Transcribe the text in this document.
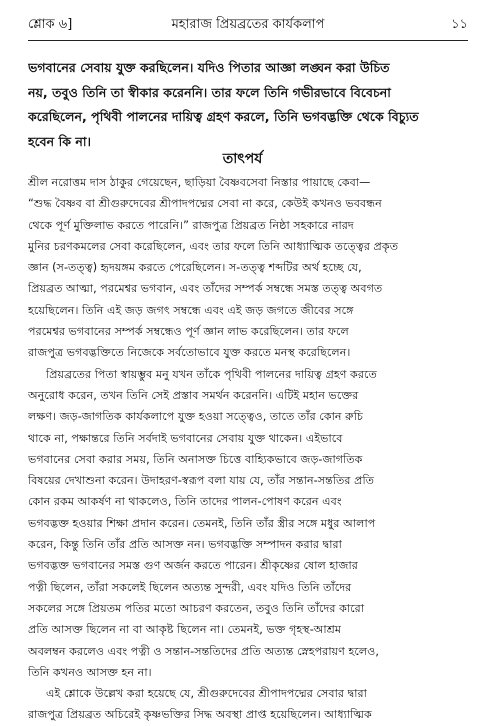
শ্লোক ৬]	মহারাজ প্রিয়ব্রতের কার্যকলাপ	১১
ভগবানের সেবায় যুক্ত করছিলেন। যদিও পিতার আজ্ঞা লঙ্ঘন করা উচিত
নয়, তবুও তিনি তা স্বীকার করেননি। তার ফলে তিনি গভীরভাবে বিবেচনা
করেছিলেন, পৃথিবী পালনের দায়িত্ব গ্রহণ করলে, তিনি ভগবদ্ভক্তি থেকে বিচ্যুত
হবেন কি না।
তাৎপর্য
শ্রীল নরোত্তম দাস ঠাকুর গেয়েছেন, ছাড়িয়া বৈষ্ণবসেবা নিস্তার পায়াছে কেবা—
“শুদ্ধ বৈষ্ণব বা শ্রীগুরুদেবের শ্রীপাদপদ্মের সেবা না করে, কেউই কখনও ভববন্ধন
থেকে পূর্ণ মুক্তিলাভ করতে পারেনি।” রাজপুত্র প্রিয়ব্রত নিষ্ঠা সহকারে নারদ
মুনির চরণকমলের সেবা করেছিলেন, এবং তার ফলে তিনি আধ্যাত্মিক তত্ত্বের প্রকৃত
জ্ঞান (স-তত্ত্ব) হৃদয়ঙ্গম করতে পেরেছিলেন। স-তত্ত্ব শব্দটির অর্থ হচ্ছে যে,
প্রিয়ব্রত আত্মা, পরমেশ্বর ভগবান, এবং তাঁদের সম্পর্ক সম্বন্ধে সমস্ত তত্ত্ব অবগত
হয়েছিলেন। তিনি এই জড় জগৎ সম্বন্ধে এবং এই জড় জগতে জীবের সঙ্গে
পরমেশ্বর ভগবানের সম্পর্ক সম্বন্ধেও পূর্ণ জ্ঞান লাভ করেছিলেন। তার ফলে
রাজপুত্র ভগবদ্ভক্তিতে নিজেকে সর্বতোভাবে যুক্ত করতে মনস্থ করেছিলেন।
প্রিয়ব্রতের পিতা স্বায়ম্ভুব মনু যখন তাঁকে পৃথিবী পালনের দায়িত্ব গ্রহণ করতে
অনুরোধ করেন, তখন তিনি সেই প্রস্তাব সমর্থন করেননি। এটিই মহান ভক্তের
লক্ষণ। জড়-জাগতিক কার্যকলাপে যুক্ত হওয়া সত্ত্বেও, তাতে তাঁর কোন রুচি
থাকে না, পক্ষান্তরে তিনি সর্বদাই ভগবানের সেবায় যুক্ত থাকেন। এইভাবে
ভগবানের সেবা করার সময়, তিনি অনাসক্ত চিত্তে বাহ্যিকভাবে জড়-জাগতিক
বিষয়ের দেখাশুনা করেন। উদাহরণ-স্বরূপ বলা যায় যে, তাঁর সন্তান-সন্ততির প্রতি
কোন রকম আকর্ষণ না থাকলেও, তিনি তাদের পালন-পোষণ করেন এবং
ভগবদ্ভক্ত হওয়ার শিক্ষা প্রদান করেন। তেমনই, তিনি তাঁর স্ত্রীর সঙ্গে মধুর আলাপ
করেন, কিন্তু তিনি তাঁর প্রতি আসক্ত নন। ভগবদ্ভক্তি সম্পাদন করার দ্বারা
ভগবদ্ভক্ত ভগবানের সমস্ত গুণ অর্জন করতে পারেন। শ্রীকৃষ্ণের ষোল হাজার
পত্নী ছিলেন, তাঁরা সকলেই ছিলেন অত্যন্ত সুন্দরী, এবং যদিও তিনি তাঁদের
সকলের সঙ্গে প্রিয়তম পতির মতো আচরণ করতেন, তবুও তিনি তাঁদের কারো
প্রতি আসক্ত ছিলেন না বা আকৃষ্ট ছিলেন না। তেমনই, ভক্ত গৃহস্থ-আশ্রম
অবলম্বন করলেও এবং পত্নী ও সন্তান-সন্ততিদের প্রতি অত্যন্ত স্নেহপরায়ণ হলেও,
তিনি কখনও আসক্ত হন না।
এই শ্লোকে উল্লেখ করা হয়েছে যে, শ্রীগুরুদেবের শ্রীপাদপদ্মের সেবার দ্বারা
রাজপুত্র প্রিয়ব্রত অচিরেই কৃষ্ণভক্তির সিদ্ধ অবস্থা প্রাপ্ত হয়েছিলেন। আধ্যাত্মিক
